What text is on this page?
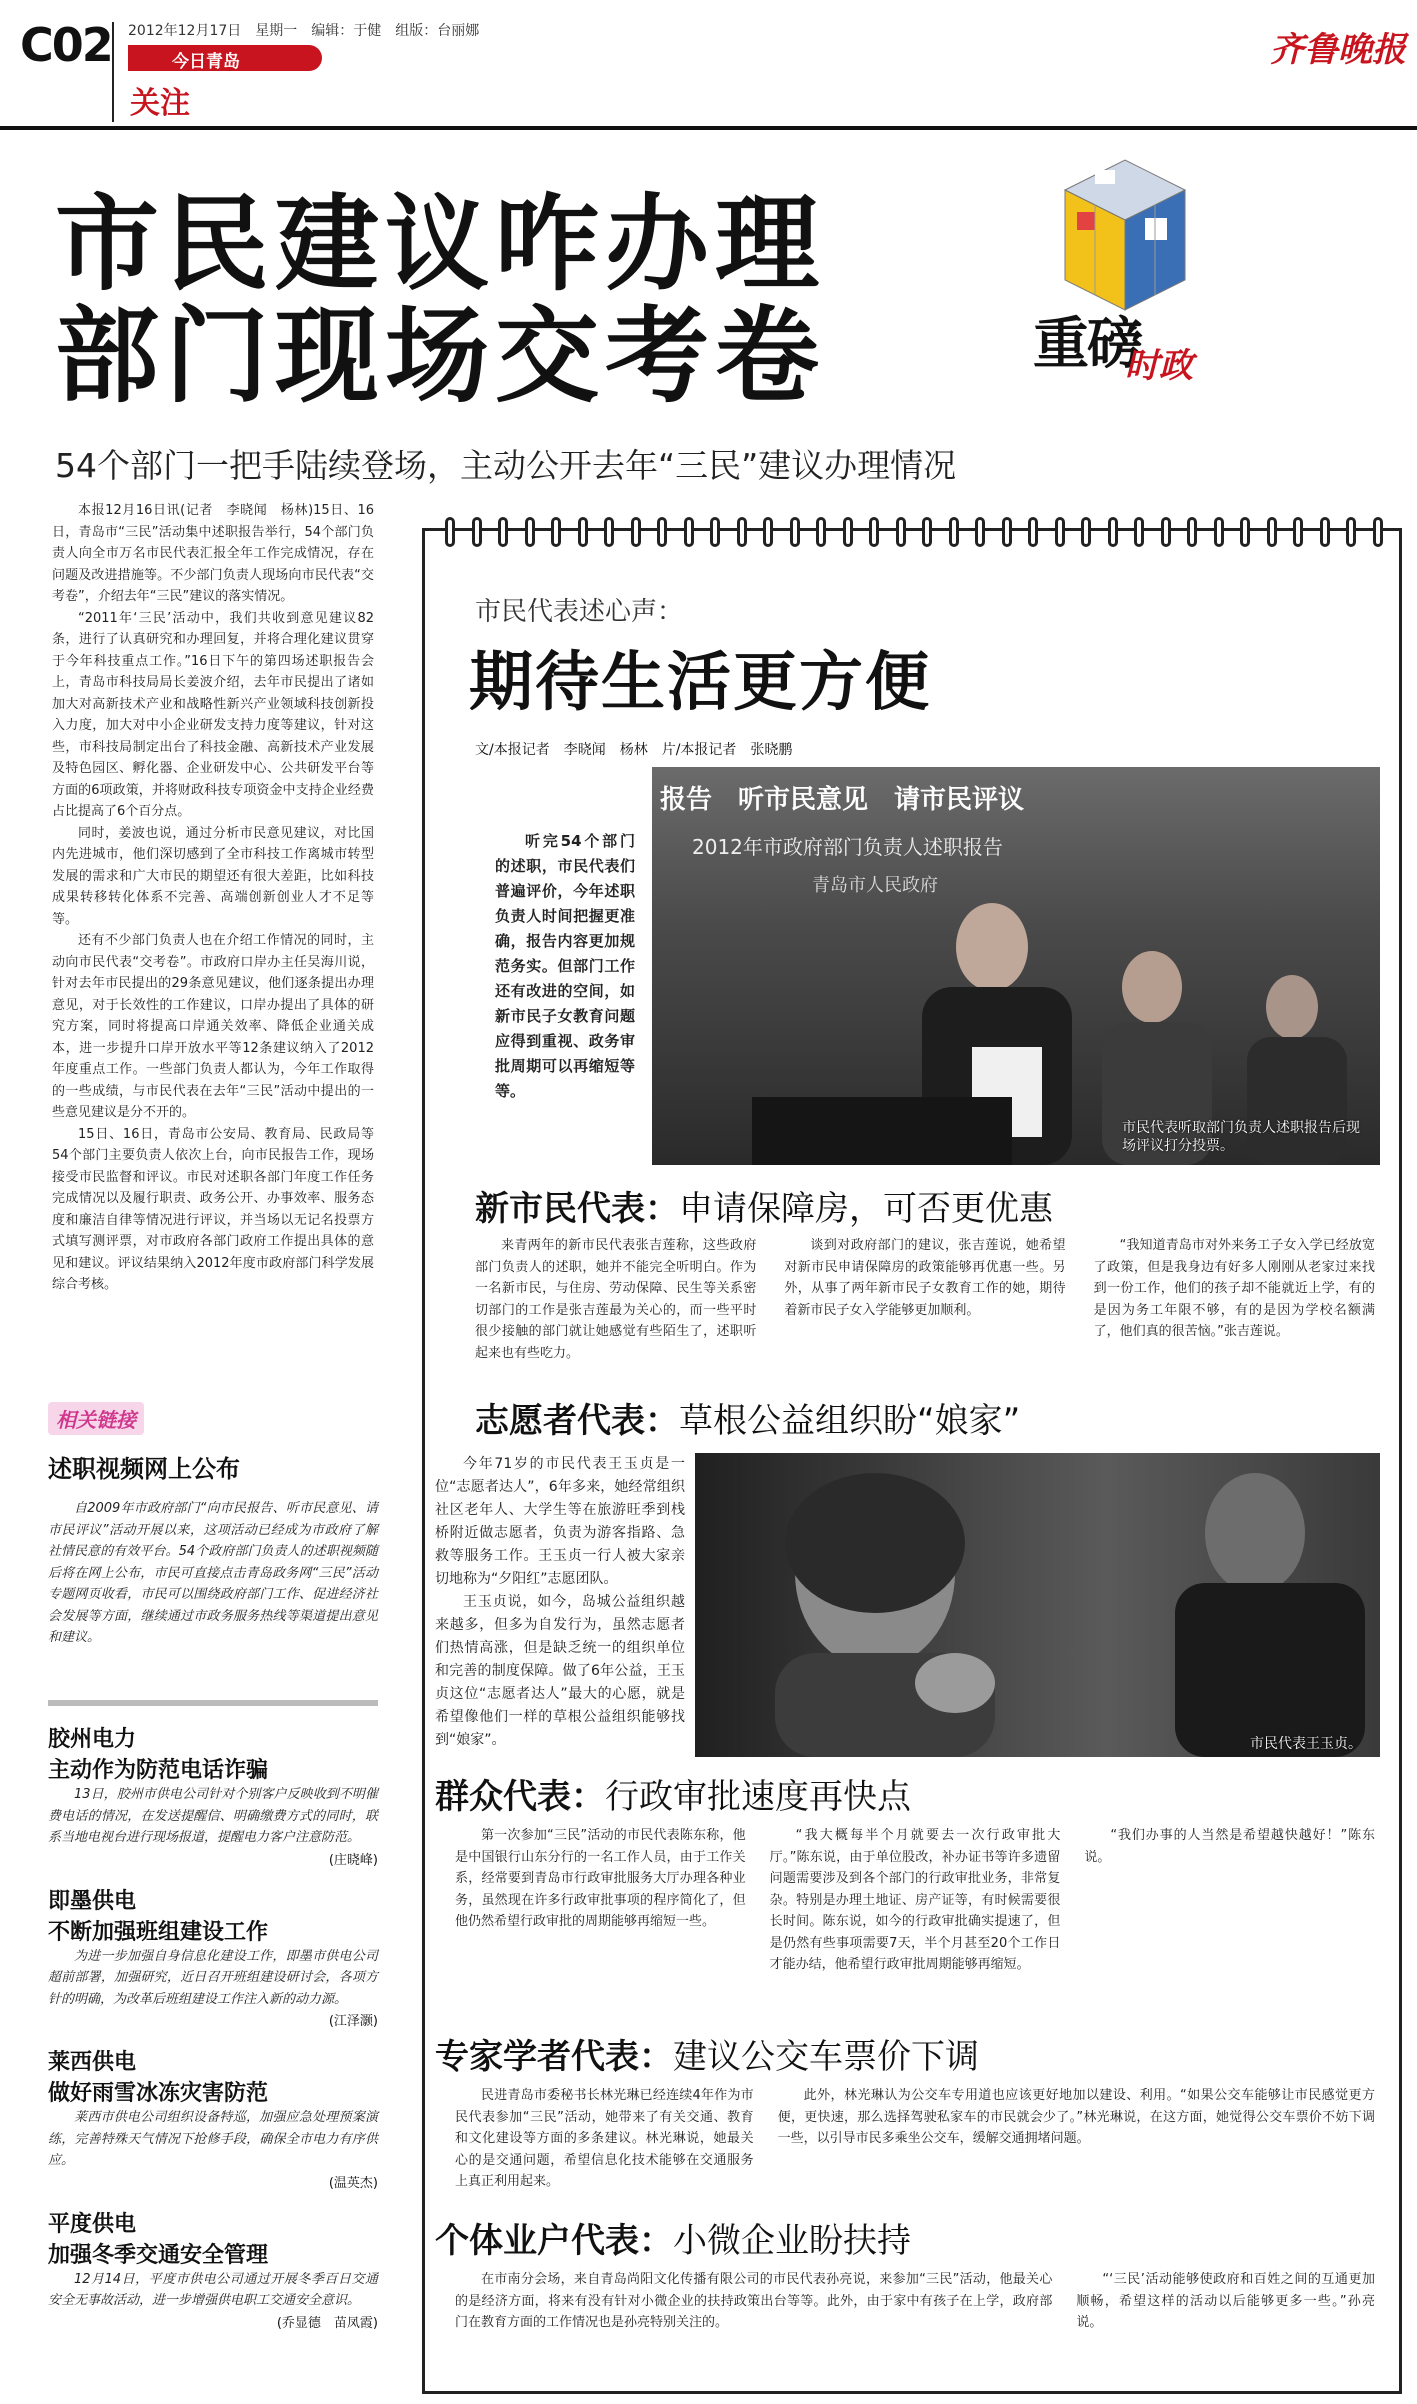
C02 2012年12月17日　星期一　编辑：于健　组版：台丽娜
今日青岛
关注
齐鲁晚报
市民建议咋办理
部门现场交考卷	重磅
时政
54个部门一把手陆续登场，主动公开去年“三民”建议办理情况

本报12月16日讯(记者　李晓闻　杨林)15日、16日，青岛市“三民”活动集中述职报告举行，54个部门负责人向全市万名市民代表汇报全年工作完成情况，存在问题及改进措施等。不少部门负责人现场向市民代表“交考卷”，介绍去年“三民”建议的落实情况。

“2011年‘三民’活动中，我们共收到意见建议82条，进行了认真研究和办理回复，并将合理化建议贯穿于今年科技重点工作。”16日下午的第四场述职报告会上，青岛市科技局局长姜波介绍，去年市民提出了诸如加大对高新技术产业和战略性新兴产业领域科技创新投入力度，加大对中小企业研发支持力度等建议，针对这些，市科技局制定出台了科技金融、高新技术产业发展及特色园区、孵化器、企业研发中心、公共研发平台等方面的6项政策，并将财政科技专项资金中支持企业经费占比提高了6个百分点。

同时，姜波也说，通过分析市民意见建议，对比国内先进城市，他们深切感到了全市科技工作离城市转型发展的需求和广大市民的期望还有很大差距，比如科技成果转移转化体系不完善、高端创新创业人才不足等等。

还有不少部门负责人也在介绍工作情况的同时，主动向市民代表“交考卷”。市政府口岸办主任吴海川说，针对去年市民提出的29条意见建议，他们逐条提出办理意见，对于长效性的工作建议，口岸办提出了具体的研究方案，同时将提高口岸通关效率、降低企业通关成本，进一步提升口岸开放水平等12条建议纳入了2012年度重点工作。一些部门负责人都认为，今年工作取得的一些成绩，与市民代表在去年“三民”活动中提出的一些意见建议是分不开的。

15日、16日，青岛市公安局、教育局、民政局等54个部门主要负责人依次上台，向市民报告工作，现场接受市民监督和评议。市民对述职各部门年度工作任务完成情况以及履行职责、政务公开、办事效率、服务态度和廉洁自律等情况进行评议，并当场以无记名投票方式填写测评票，对市政府各部门政府工作提出具体的意见和建议。评议结果纳入2012年度市政府部门科学发展综合考核。

相关链接
述职视频网上公布
自2009年市政府部门“向市民报告、听市民意见、请市民评议”活动开展以来，这项活动已经成为市政府了解社情民意的有效平台。54个政府部门负责人的述职视频随后将在网上公布，市民可直接点击青岛政务网“三民”活动专题网页收看，市民可以围绕政府部门工作、促进经济社会发展等方面，继续通过市政务服务热线等渠道提出意见和建议。
胶州电力
主动作为防范电话诈骗
13日，胶州市供电公司针对个别客户反映收到不明催费电话的情况，在发送提醒信、明确缴费方式的同时，联系当地电视台进行现场报道，提醒电力客户注意防范。
(庄晓峰)
即墨供电
不断加强班组建设工作
为进一步加强自身信息化建设工作，即墨市供电公司超前部署，加强研究，近日召开班组建设研讨会，各项方针的明确，为改革后班组建设工作注入新的动力源。
(江泽灏)
莱西供电
做好雨雪冰冻灾害防范
莱西市供电公司组织设备特巡，加强应急处理预案演练，完善特殊天气情况下抢修手段，确保全市电力有序供应。
(温英杰)
平度供电
加强冬季交通安全管理
12月14日，平度市供电公司通过开展冬季百日交通安全无事故活动，进一步增强供电职工交通安全意识。
(乔显德　苗凤霞)
市民代表述心声：
期待生活更方便
文/本报记者　李晓闻　杨林　片/本报记者　张晓鹏
听完54个部门的述职，市民代表们普遍评价，今年述职负责人时间把握更准确，报告内容更加规范务实。但部门工作还有改进的空间，如新市民子女教育问题应得到重视、政务审批周期可以再缩短等等。
报告　听市民意见　请市民评议
2012年市政府部门负责人述职报告
青岛市人民政府
市民代表听取部门负责人述职报告后现场评议打分投票。
新市民代表：申请保障房，可否更优惠

来青两年的新市民代表张吉莲称，这些政府部门负责人的述职，她并不能完全听明白。作为一名新市民，与住房、劳动保障、民生等关系密切部门的工作是张吉莲最为关心的，而一些平时很少接触的部门就让她感觉有些陌生了，述职听起来也有些吃力。

谈到对政府部门的建议，张吉莲说，她希望对新市民申请保障房的政策能够再优惠一些。另外，从事了两年新市民子女教育工作的她，期待着新市民子女入学能够更加顺利。

“我知道青岛市对外来务工子女入学已经放宽了政策，但是我身边有好多人刚刚从老家过来找到一份工作，他们的孩子却不能就近上学，有的是因为务工年限不够，有的是因为学校名额满了，他们真的很苦恼。”张吉莲说。

志愿者代表：草根公益组织盼“娘家”

今年71岁的市民代表王玉贞是一位“志愿者达人”，6年多来，她经常组织社区老年人、大学生等在旅游旺季到栈桥附近做志愿者，负责为游客指路、急救等服务工作。王玉贞一行人被大家亲切地称为“夕阳红”志愿团队。

王玉贞说，如今，岛城公益组织越来越多，但多为自发行为，虽然志愿者们热情高涨，但是缺乏统一的组织单位和完善的制度保障。做了6年公益，王玉贞这位“志愿者达人”最大的心愿，就是希望像他们一样的草根公益组织能够找到“娘家”。	市民代表王玉贞。
群众代表：行政审批速度再快点

第一次参加“三民”活动的市民代表陈东称，他是中国银行山东分行的一名工作人员，由于工作关系，经常要到青岛市行政审批服务大厅办理各种业务，虽然现在许多行政审批事项的程序简化了，但他仍然希望行政审批的周期能够再缩短一些。

“我大概每半个月就要去一次行政审批大厅。”陈东说，由于单位股改，补办证书等许多遗留问题需要涉及到各个部门的行政审批业务，非常复杂。特别是办理土地证、房产证等，有时候需要很长时间。陈东说，如今的行政审批确实提速了，但是仍然有些事项需要7天，半个月甚至20个工作日才能办结，他希望行政审批周期能够再缩短。

“我们办事的人当然是希望越快越好！”陈东说。

专家学者代表：建议公交车票价下调

民进青岛市委秘书长林光琳已经连续4年作为市民代表参加“三民”活动，她带来了有关交通、教育和文化建设等方面的多条建议。林光琳说，她最关心的是交通问题，希望信息化技术能够在交通服务上真正利用起来。

此外，林光琳认为公交车专用道也应该更好地加以建设、利用。“如果公交车能够让市民感觉更方便，更快速，那么选择驾驶私家车的市民就会少了。”林光琳说，在这方面，她觉得公交车票价不妨下调一些，以引导市民多乘坐公交车，缓解交通拥堵问题。

个体业户代表：小微企业盼扶持

在市南分会场，来自青岛尚阳文化传播有限公司的市民代表孙亮说，来参加“三民”活动，他最关心的是经济方面，将来有没有针对小微企业的扶持政策出台等等。此外，由于家中有孩子在上学，政府部门在教育方面的工作情况也是孙亮特别关注的。

“‘三民’活动能够使政府和百姓之间的互通更加顺畅，希望这样的活动以后能够更多一些。”孙亮说。
